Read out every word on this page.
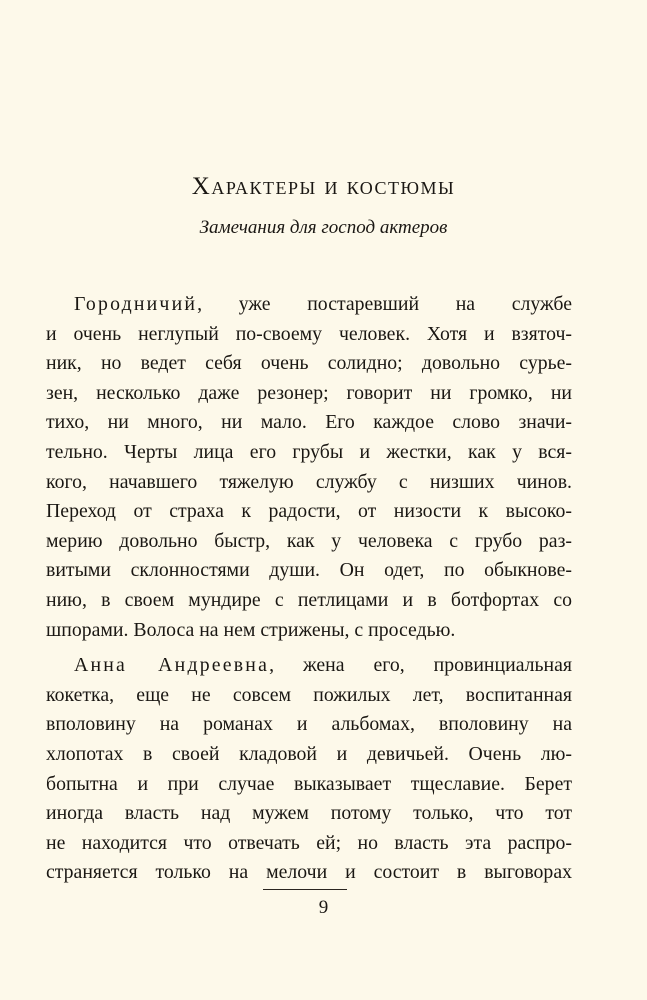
Характеры и костюмы
Замечания для господ актеров
Городничий, уже постаревший на службе
и очень неглупый по-своему человек. Хотя и взяточ-
ник, но ведет себя очень солидно; довольно сурье-
зен, несколько даже резонер; говорит ни громко, ни
тихо, ни много, ни мало. Его каждое слово значи-
тельно. Черты лица его грубы и жестки, как у вся-
кого, начавшего тяжелую службу с низших чинов.
Переход от страха к радости, от низости к высоко-
мерию довольно быстр, как у человека с грубо раз-
витыми склонностями души. Он одет, по обыкнове-
нию, в своем мундире с петлицами и в ботфортах со
шпорами. Волоса на нем стрижены, с проседью.
Анна Андреевна, жена его, провинциальная
кокетка, еще не совсем пожилых лет, воспитанная
вполовину на романах и альбомах, вполовину на
хлопотах в своей кладовой и девичьей. Очень лю-
бопытна и при случае выказывает тщеславие. Берет
иногда власть над мужем потому только, что тот
не находится что отвечать ей; но власть эта распро-
страняется только на мелочи и состоит в выговорах
9
